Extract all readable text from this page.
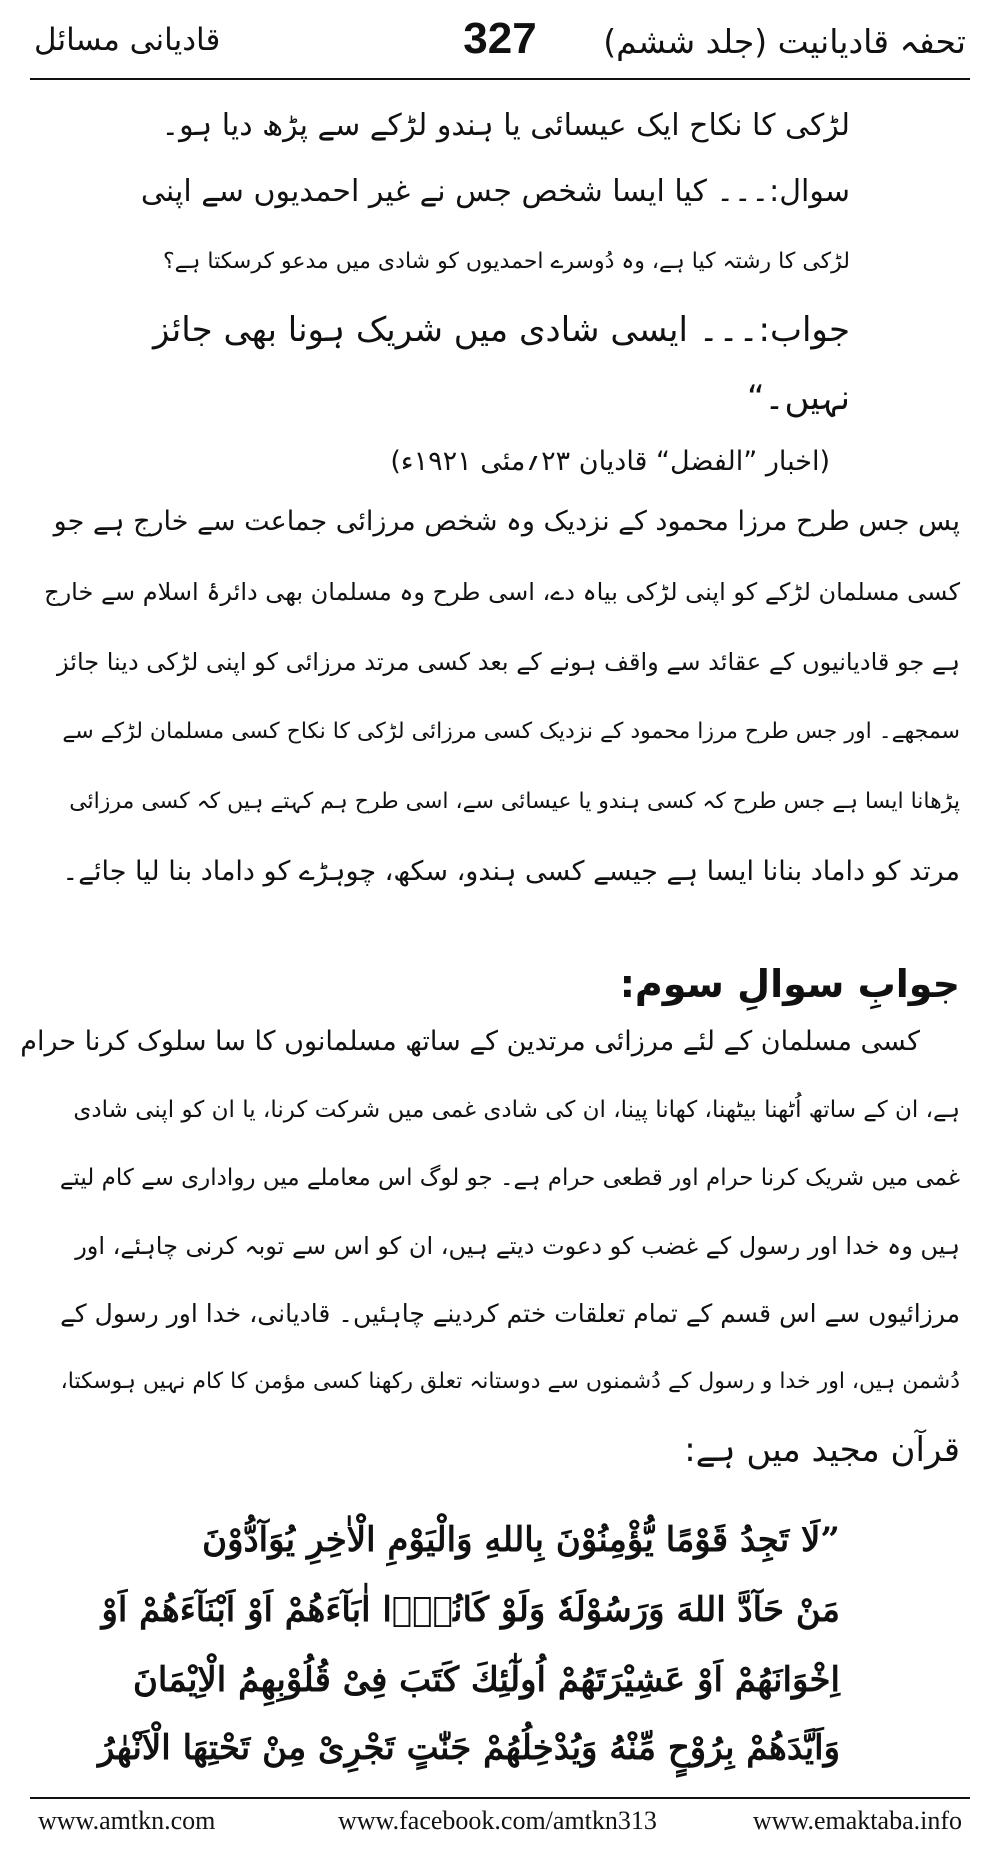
تحفہ قادیانیت (جلد ششم)
327
قادیانی مسائل
لڑکی کا نکاح ایک عیسائی یا ہندو لڑکے سے پڑھ دیا ہو۔
سوال:۔۔۔ کیا ایسا شخص جس نے غیر احمدیوں سے اپنی
لڑکی کا رشتہ کیا ہے، وہ دُوسرے احمدیوں کو شادی میں مدعو کرسکتا ہے؟
جواب:۔۔۔ ایسی شادی میں شریک ہونا بھی جائز
نہیں۔“
(اخبار ”الفضل“ قادیان ۲۳؍مئی ۱۹۲۱ء)
پس جس طرح مرزا محمود کے نزدیک وہ شخص مرزائی جماعت سے خارج ہے جو
کسی مسلمان لڑکے کو اپنی لڑکی بیاہ دے، اسی طرح وہ مسلمان بھی دائرۂ اسلام سے خارج
ہے جو قادیانیوں کے عقائد سے واقف ہونے کے بعد کسی مرتد مرزائی کو اپنی لڑکی دینا جائز
سمجھے۔ اور جس طرح مرزا محمود کے نزدیک کسی مرزائی لڑکی کا نکاح کسی مسلمان لڑکے سے
پڑھانا ایسا ہے جس طرح کہ کسی ہندو یا عیسائی سے، اسی طرح ہم کہتے ہیں کہ کسی مرزائی
مرتد کو داماد بنانا ایسا ہے جیسے کسی ہندو، سکھ، چوہڑے کو داماد بنا لیا جائے۔
جوابِ سوالِ سوم:
کسی مسلمان کے لئے مرزائی مرتدین کے ساتھ مسلمانوں کا سا سلوک کرنا حرام
ہے، ان کے ساتھ اُٹھنا بیٹھنا، کھانا پینا، ان کی شادی غمی میں شرکت کرنا، یا ان کو اپنی شادی
غمی میں شریک کرنا حرام اور قطعی حرام ہے۔ جو لوگ اس معاملے میں رواداری سے کام لیتے
ہیں وہ خدا اور رسول کے غضب کو دعوت دیتے ہیں، ان کو اس سے توبہ کرنی چاہئے، اور
مرزائیوں سے اس قسم کے تمام تعلقات ختم کردینے چاہئیں۔ قادیانی، خدا اور رسول کے
دُشمن ہیں، اور خدا و رسول کے دُشمنوں سے دوستانہ تعلق رکھنا کسی مؤمن کا کام نہیں ہوسکتا،
قرآن مجید میں ہے:
”لَا تَجِدُ قَوْمًا یُّؤْمِنُوْنَ بِاللهِ وَالْیَوْمِ الْاٰخِرِ یُوَآدُّوْنَ
مَنْ حَآدَّ اللهَ وَرَسُوْلَهٗ وَلَوْ كَانُوْۤا اٰبَآءَهُمْ اَوْ اَبْنَآءَهُمْ اَوْ
اِخْوَانَهُمْ اَوْ عَشِیْرَتَهُمْ اُولٰٓئِكَ كَتَبَ فِیْ قُلُوْبِهِمُ الْاِیْمَانَ
وَاَیَّدَهُمْ بِرُوْحٍ مِّنْهُ وَیُدْخِلُهُمْ جَنّٰتٍ تَجْرِیْ مِنْ تَحْتِهَا الْاَنْهٰرُ
www.amtkn.com	www.facebook.com/amtkn313	www.emaktaba.info
